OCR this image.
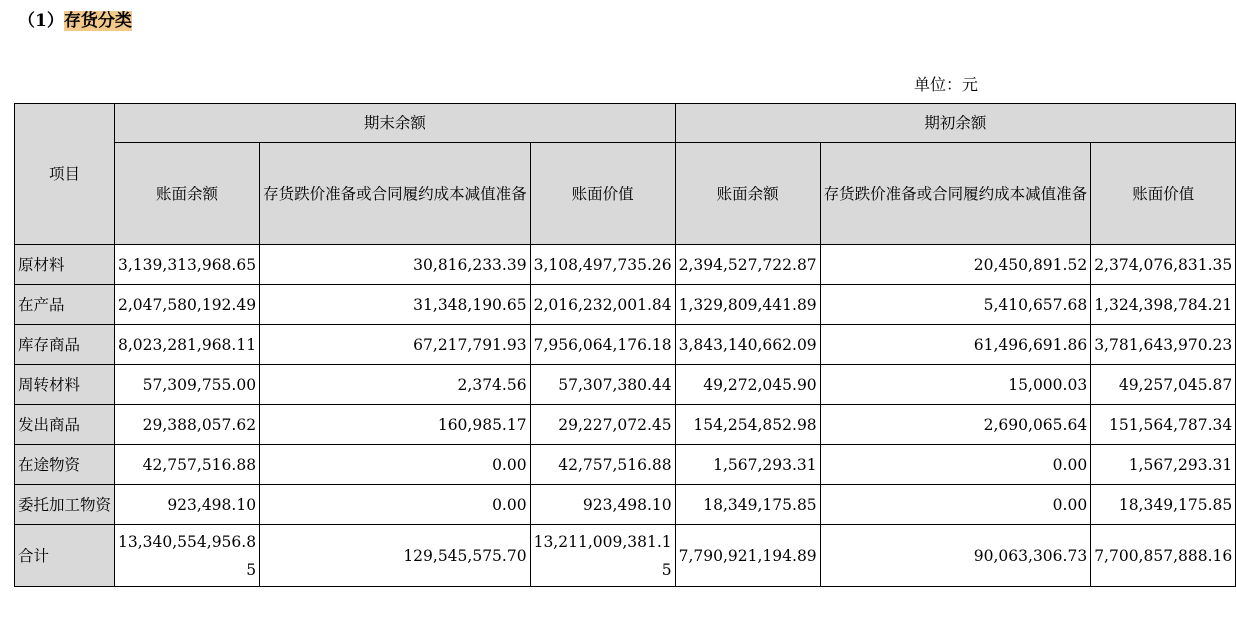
（1）存货分类
单位：元
项目	期末余额			期初余额		
	账面余额	存货跌价准备或合同履约成本减值准备	账面价值	账面余额	存货跌价准备或合同履约成本减值准备	账面价值
原材料	3,139,313,968.65	30,816,233.39	3,108,497,735.26	2,394,527,722.87	20,450,891.52	2,374,076,831.35
在产品	2,047,580,192.49	31,348,190.65	2,016,232,001.84	1,329,809,441.89	5,410,657.68	1,324,398,784.21
库存商品	8,023,281,968.11	67,217,791.93	7,956,064,176.18	3,843,140,662.09	61,496,691.86	3,781,643,970.23
周转材料	57,309,755.00	2,374.56	57,307,380.44	49,272,045.90	15,000.03	49,257,045.87
发出商品	29,388,057.62	160,985.17	29,227,072.45	154,254,852.98	2,690,065.64	151,564,787.34
在途物资	42,757,516.88	0.00	42,757,516.88	1,567,293.31	0.00	1,567,293.31
委托加工物资	923,498.10	0.00	923,498.10	18,349,175.85	0.00	18,349,175.85
合计	13,340,554,956.85	129,545,575.70	13,211,009,381.15	7,790,921,194.89	90,063,306.73	7,700,857,888.16
